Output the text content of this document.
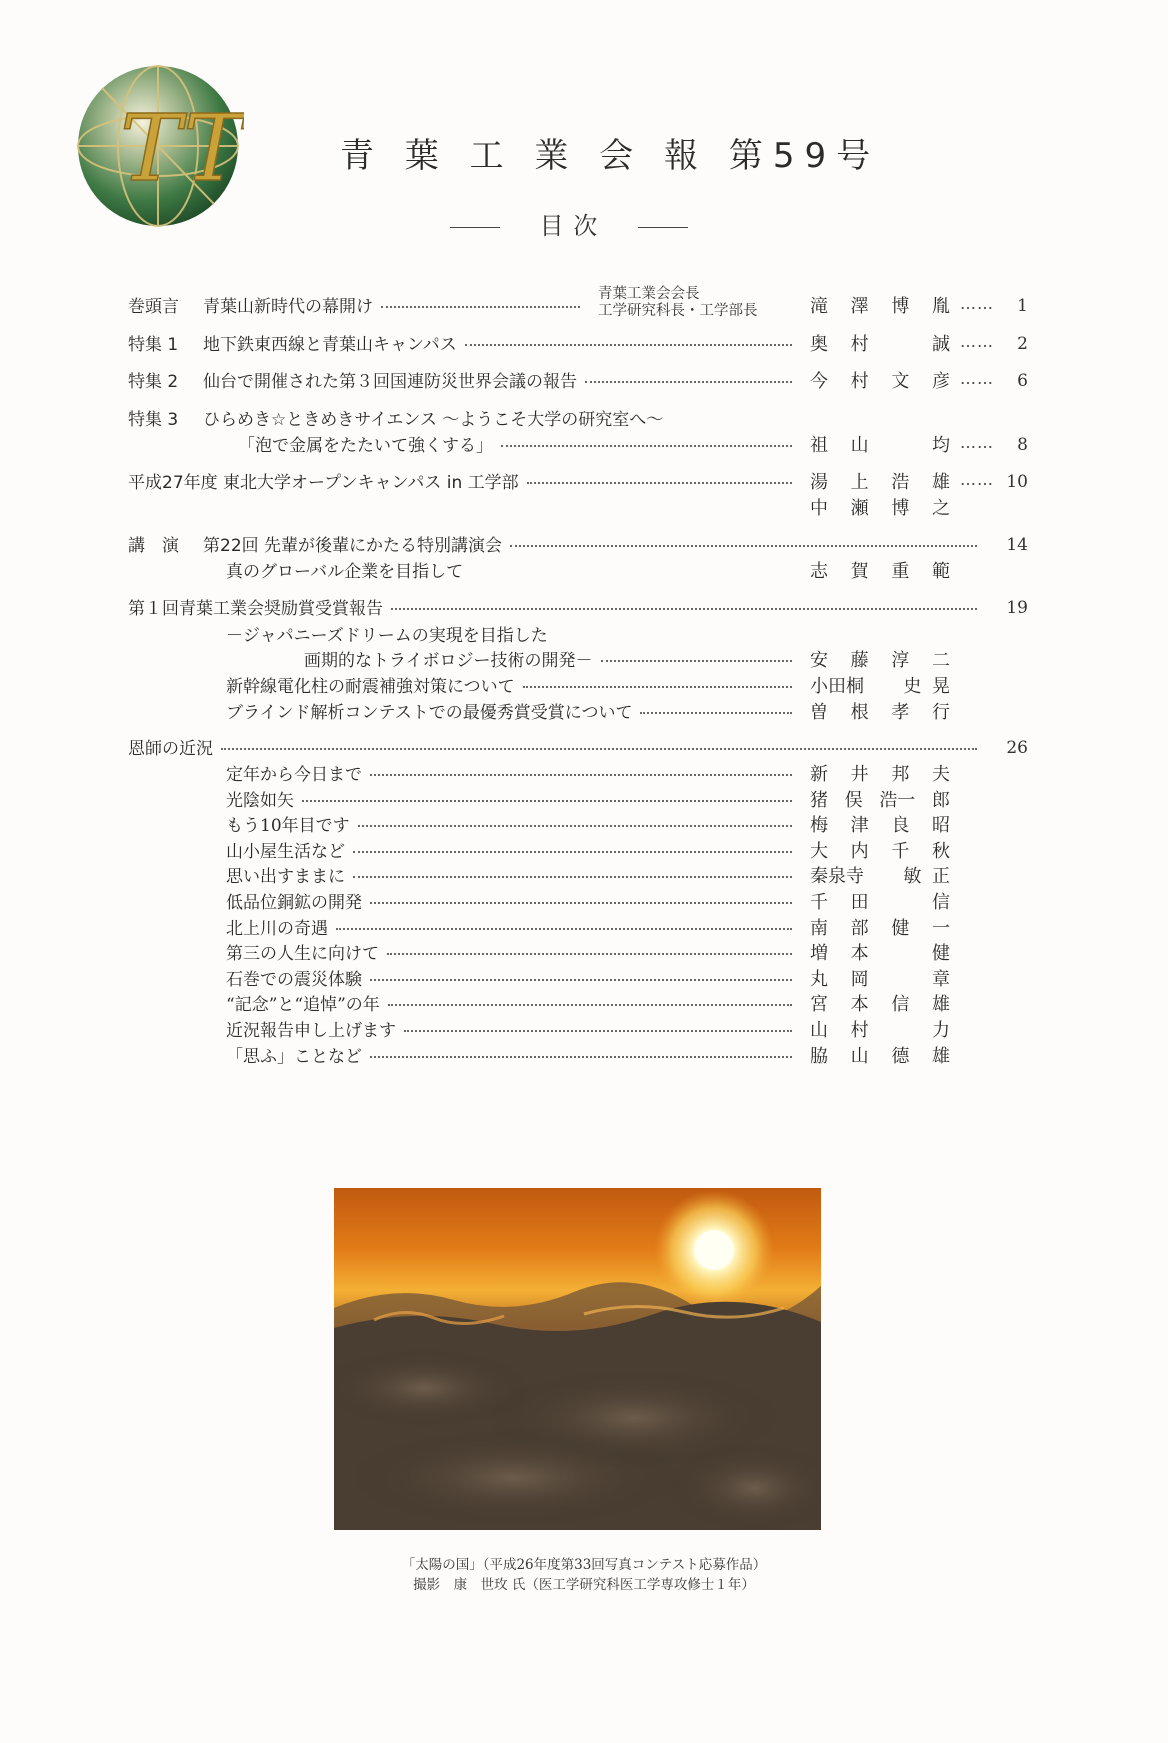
TT	青 葉 工 業 会 報 第59号
目 次
巻頭言	青葉山新時代の幕開け
青葉工業会会長
工学研究科長・工学部長	滝 澤 博 胤 ……	1
特集 1	地下鉄東西線と青葉山キャンパス	奥 村	誠 ……	2
特集 2	仙台で開催された第３回国連防災世界会議の報告	今 村 文 彦 ……	6
特集 3	ひらめき☆ときめきサイエンス ～ようこそ大学の研究室へ～
「泡で金属をたたいて強くする」	祖 山	均 ……	8
平成27年度 東北大学オープンキャンパス in 工学部	湯 上 浩 雄 …… 10
中 瀬 博 之
講　演	第22回 先輩が後輩にかたる特別講演会	14
真のグローバル企業を目指して	志 賀 重 範
第１回青葉工業会奨励賞受賞報告	19
－ジャパニーズドリームの実現を目指した
画期的なトライボロジー技術の開発－	安 藤 淳 二
新幹線電化柱の耐震補強対策について	小田桐 史 晃
ブラインド解析コンテストでの最優秀賞受賞について	曽 根 孝 行
恩師の近況	26
定年から今日まで	新 井 邦 夫
光陰如矢	猪 俣 浩一 郎
もう10年目です	梅 津 良 昭
山小屋生活など	大 内 千 秋
思い出すままに	秦泉寺 敏 正
低品位銅鉱の開発	千 田	信
北上川の奇遇	南 部 健 一
第三の人生に向けて	増 本	健
石巻での震災体験	丸 岡	章
“記念”と“追悼”の年	宮 本 信 雄
近況報告申し上げます	山 村	力
「思ふ」ことなど	脇 山 德 雄
「太陽の国」（平成26年度第33回写真コンテスト応募作品）
撮影　康　世玫 氏（医工学研究科医工学専攻修士１年）
